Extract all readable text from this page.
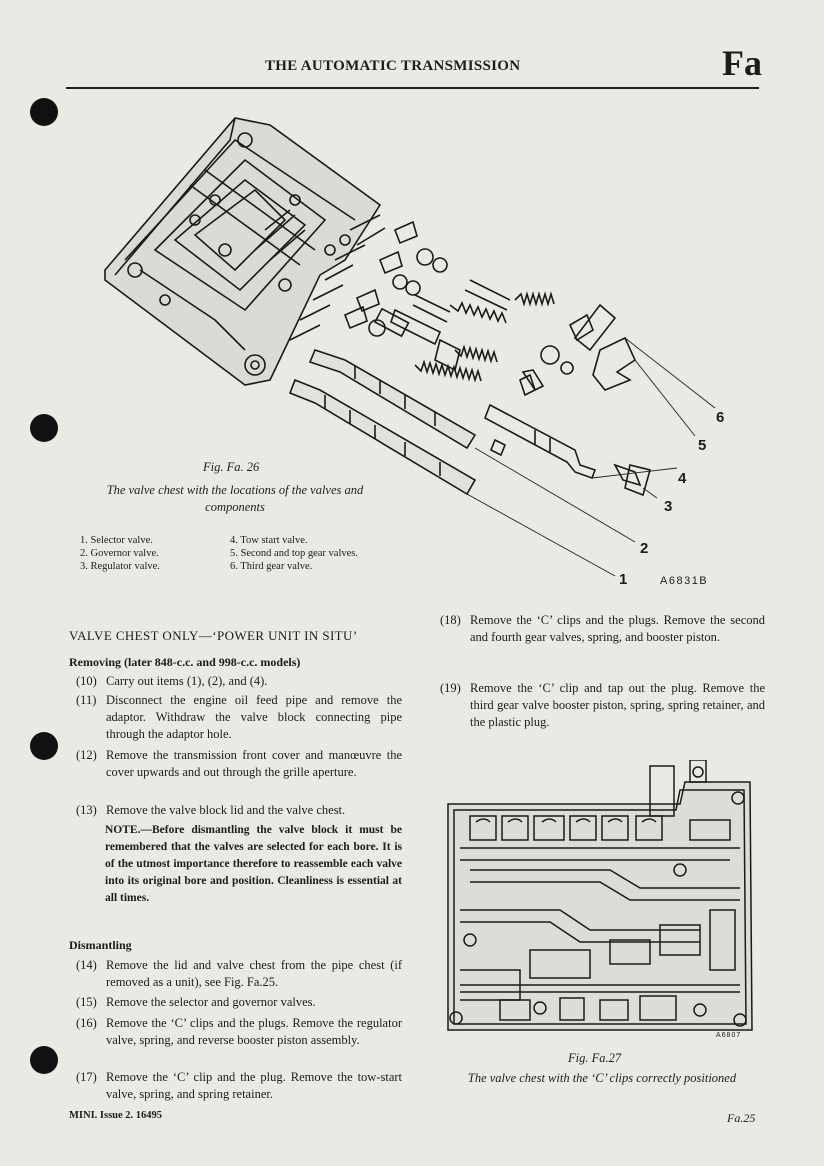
THE AUTOMATIC TRANSMISSION	Fa
6
5
4
3
2
1	A6831B
Fig. Fa. 26
The valve chest with the locations of the valves and components
1. Selector valve.
2. Governor valve.
3. Regulator valve.
4. Tow start valve.
5. Second and top gear valves.
6. Third gear valve.
VALVE CHEST ONLY—‘POWER UNIT IN SITU’
Removing (later 848-c.c. and 998-c.c. models)
(10) Carry out items (1), (2), and (4).
(11) Disconnect the engine oil feed pipe and remove the adaptor. Withdraw the valve block connecting pipe through the adaptor hole.
(12) Remove the transmission front cover and manœuvre the cover upwards and out through the grille aperture.
(13) Remove the valve block lid and the valve chest.
NOTE.—Before dismantling the valve block it must be remembered that the valves are selected for each bore. It is of the utmost importance therefore to reassemble each valve into its original bore and position. Cleanliness is essential at all times.
Dismantling
(14) Remove the lid and valve chest from the pipe chest (if removed as a unit), see Fig. Fa.25.
(15) Remove the selector and governor valves.
(16) Remove the ‘C’ clips and the plugs. Remove the regulator valve, spring, and reverse booster piston assembly.
(17) Remove the ‘C’ clip and the plug. Remove the tow-start valve, spring, and spring retainer.
(18) Remove the ‘C’ clips and the plugs. Remove the second and fourth gear valves, spring, and booster piston.
(19) Remove the ‘C’ clip and tap out the plug. Remove the third gear valve booster piston, spring, spring retainer, and the plastic plug.
A6807
Fig. Fa.27
The valve chest with the ‘C’ clips correctly positioned
MINI. Issue 2. 16495	Fa.25
